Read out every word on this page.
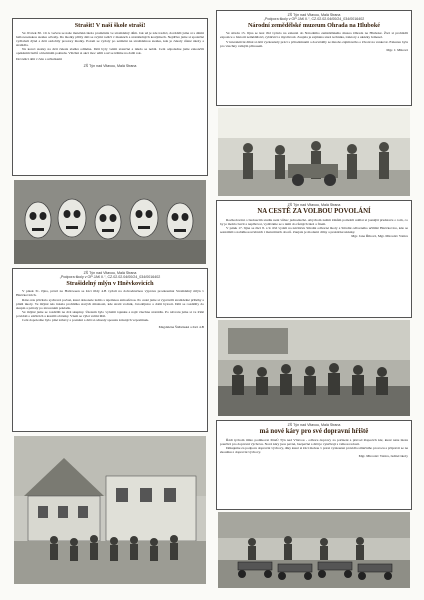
Strašit! V naší škole straší!

Ve čtvrtek 30. 10. k večeru se naše mateřská škola proměnila ve strašidelný dům. Jak už je zde tradicí, dověděli jsme si s dětmi halloweenskou stezku odvahy. Do školky přišly děti se svými rodiči v maskách a strašidelných kostýmech. Nejdříve jsme si společně vydlabali dýně a děti ozdobily prostory školky. Potom se vydaly po setmění na strašidelnou stezku, kde je čekaly různé úkoly a strašidla.

Na konci stezky na děti čekala sladká odměna. Děti byly velmi statečné a nikdo se nebál. Celé odpoledne jsme zakončili opékáním buřtů a hledáním pokladu. Všichni si akci moc užili a už se těšíme na další rok.

Dovádící děti v čele s učitelkami
ZŠ Týn nad Vltavou, Malá Strana
ZŠ Týn nad Vltavou, Malá Strana
„Podpora školy v OP JAK II.“, CZ.02.02.04/00/24_034/0016402
Strašidelný mlýn v Hněvkovicích

V pátek 31. října, právě na Halloween se žáci třídy 4.B vydali na dobrodružnou výpravu prozkoumat Strašidelný mlýn v Hněvkovicích.

Ráno nás přivítalo sychravé počasí, které dokonale ladilo s tajemnou atmosférou. Po cestě jsme si vyprávěli strašidelné příběhy a plnili úkoly. Ve mlýně nás čekala prohlídka starých místností, kde straší vodník, čarodějnice a další bytosti. Děti se rozdělily do skupin a pátraly po ztraceném pokladu.

Ve mlýně jsme se rozdělili na dvě skupiny. Úkolem bylo vyluštit tajenku a najít všechna strašidla. Po návratu jsme si ve třídě povídali o zážitcích a kreslili obrázky. Všem se výlet velmi líbil.

Celé dopoledne bylo plné zábavy a poznání a děti si odnesly spoustu krásných vzpomínek.

Magdaléna Štěběnská a žáci 4.B
ZŠ Týn nad Vltavou, Malá Strana
„Podpora školy v OP JAK II.“, CZ.02.02.04/00/24_034/0016402
Národní zemědělské muzeum Ohrada na Hluboké

Ve středu 15. října se šest tříd vydalo na exkurzi do Národního zemědělského muzea Ohrada na Hluboké. Žáci si prohlédli expozice o historii zemědělství, rybářství a myslivosti. Zaujala je zejména stará technika, traktory a ukázky řemesel.

V interaktivní dílně si děti vyzkoušely práci s přírodninami a dozvěděly se mnoho zajímavého o životě na venkově. Exkurze byla pro všechny velkým přínosem.

Mgr. J. Míková
ZŠ Týn nad Vltavou, Malá Strana
NA CESTĚ ZA VOLBOU POVOLÁNÍ

Rozhodování o budoucím studiu není vůbec jednoduché. Abychom našim žákům pomohli udělat si jasnější představu o tom, co by je mohlo bavit a naplňovat, vydáváme se s nimi do různých škol a firem.

V pátek 17. října se žáci 8. a 9. tříd vydali na návštěvu Střední odborné školy a Střední odborného učiliště Hněvkovice, kde se seznámili s nabídkou učebních i maturitních oborů. Zaujala je moderní dílny a praktické ukázky.

Mgr. Jana Říhová, Mgr. Miroslav Vašica
ZŠ Týn nad Vltavou, Malá Strana
má nové káry pro své dopravní hřiště

Řádí tychom tímto poděkovat MAÚ Týn nad Vltavou - odboru dopravy za pořízení a převod šlapacích kár, které naše škola používá pro dopravní výchovu. Nové káry jsou pevné, bezpečné a děti je využívají s velkou radostí.

Děkujeme za podporu dopravní výchovy, díky které si žáci mohou v praxi vyzkoušet pravidla silničního provozu a připravit se na zkoušku z dopravní výchovy.

Mgr. Miroslav Vašica, ředitel školy
